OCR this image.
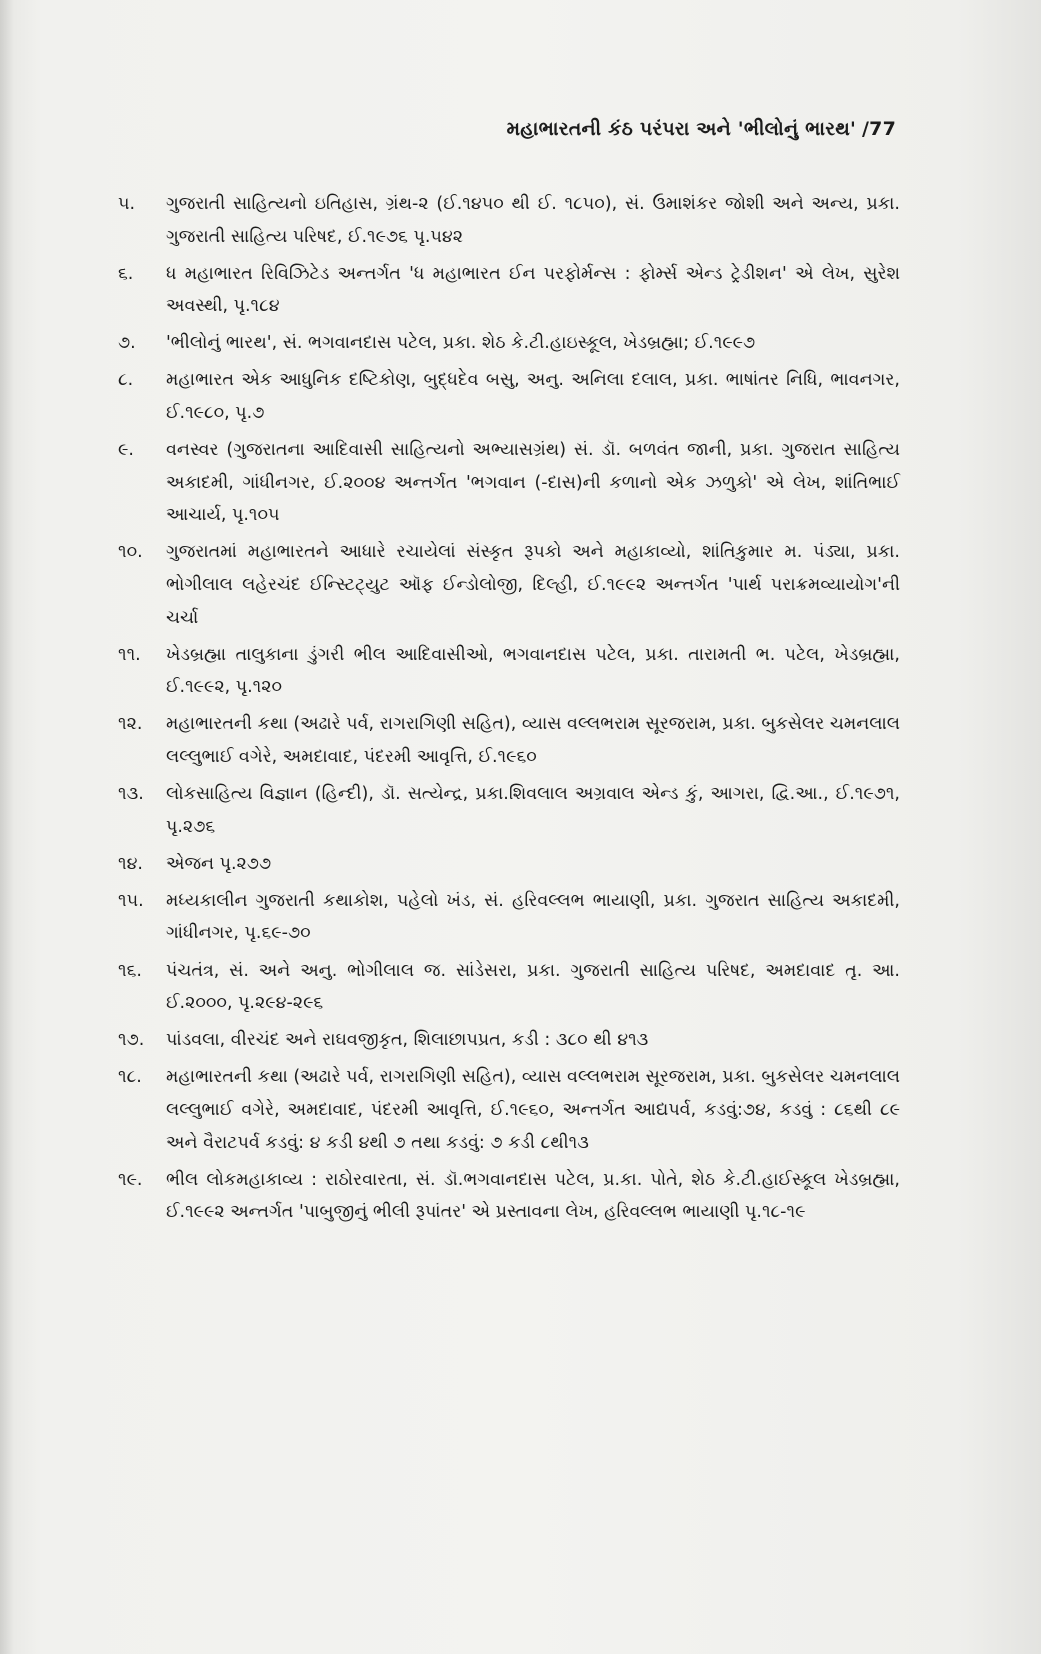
મહાભારતની કંઠ પરંપરા અને 'ભીલોનું ભારથ' /77
૫.	ગુજરાતી સાહિત્યનો ઇતિહાસ, ગ્રંથ-૨ (ઈ.૧૪૫૦ થી ઈ. ૧૮૫૦), સં. ઉમાશંકર જોશી અને અન્ય, પ્રકા. ગુજરાતી સાહિત્ય પરિષદ, ઈ.૧૯૭૬ પૃ.૫૪૨
૬.	ધ મહાભારત રિવિઝિટેડ અન્તર્ગત 'ધ મહાભારત ઈન પરફોર્મન્સ : ફોર્મ્સ એન્ડ ટ્રેડીશન' એ લેખ, સુરેશ અવસ્થી, પૃ.૧૮૪
૭.	'ભીલોનું ભારથ', સં. ભગવાનદાસ પટેલ, પ્રકા. શેઠ કે.ટી.હાઇસ્કૂલ, ખેડબ્રહ્મા; ઈ.૧૯૯૭
૮.	મહાભારત એક આધુનિક દષ્ટિકોણ, બુદ્ધદેવ બસુ, અનુ. અનિલા દલાલ, પ્રકા. ભાષાંતર નિધિ, ભાવનગર, ઈ.૧૯૮૦, પૃ.૭
૯.	વનસ્વર (ગુજરાતના આદિવાસી સાહિત્યનો અભ્યાસગ્રંથ) સં. ડૉ. બળવંત જાની, પ્રકા. ગુજરાત સાહિત્ય અકાદમી, ગાંધીનગર, ઈ.૨૦૦૪ અન્તર્ગત 'ભગવાન (-દાસ)ની કળાનો એક ઝળુકો' એ લેખ, શાંતિભાઈ આચાર્ય, પૃ.૧૦૫
૧૦.	ગુજરાતમાં મહાભારતને આધારે રચાયેલાં સંસ્કૃત રૂપકો અને મહાકાવ્યો, શાંતિકુમાર મ. પંડ્યા, પ્રકા. ભોગીલાલ લહેરચંદ ઈન્સ્ટિટ્યુટ ઑફ ઈન્ડોલોજી, દિલ્હી, ઈ.૧૯૯૨ અન્તર્ગત 'પાર્થ પરાક્રમવ્યાયોગ'ની ચર્ચા
૧૧.	ખેડબ્રહ્મા તાલુકાના ડુંગરી ભીલ આદિવાસીઓ, ભગવાનદાસ પટેલ, પ્રકા. તારામતી ભ. પટેલ, ખેડબ્રહ્મા, ઈ.૧૯૯૨, પૃ.૧૨૦
૧૨.	મહાભારતની કથા (અઢારે પર્વ, રાગરાગિણી સહિત), વ્યાસ વલ્લભરામ સૂરજરામ, પ્રકા. બુકસેલર ચમનલાલ લલ્લુભાઈ વગેરે, અમદાવાદ, પંદરમી આવૃત્તિ, ઈ.૧૯૬૦
૧૩.	લોકસાહિત્ય વિજ્ઞાન (હિન્દી), ડૉ. સત્યેન્દ્ર, પ્રકા.શિવલાલ અગ્રવાલ એન્ડ કું, આગરા, દ્વિ.આ., ઈ.૧૯૭૧, પૃ.૨૭૬
૧૪.	એજન પૃ.૨૭૭
૧૫.	મધ્યકાલીન ગુજરાતી કથાકોશ, પહેલો ખંડ, સં. હરિવલ્લભ ભાયાણી, પ્રકા. ગુજરાત સાહિત્ય અકાદમી, ગાંધીનગર, પૃ.૬૯-૭૦
૧૬.	પંચતંત્ર, સં. અને અનુ. ભોગીલાલ જ. સાંડેસરા, પ્રકા. ગુજરાતી સાહિત્ય પરિષદ, અમદાવાદ તૃ. આ. ઈ.૨૦૦૦, પૃ.૨૯૪-૨૯૬
૧૭.	પાંડવલા, વીરચંદ અને રાઘવજીકૃત, શિલાછાપપ્રત, કડી : ૩૮૦ થી ૪૧૩
૧૮.	મહાભારતની કથા (અઢારે પર્વ, રાગરાગિણી સહિત), વ્યાસ વલ્લભરામ સૂરજરામ, પ્રકા. બુકસેલર ચમનલાલ લલ્લુભાઈ વગેરે, અમદાવાદ, પંદરમી આવૃત્તિ, ઈ.૧૯૬૦, અન્તર્ગત આદ્યપર્વ, કડવું:૭૪, કડવું : ૮૬થી ૮૯ અને વૈરાટપર્વ કડવું: ૪ કડી ૪થી ૭ તથા કડવું: ૭ કડી ૮થી૧૩
૧૯.	ભીલ લોકમહાકાવ્ય : રાઠોરવારતા, સં. ડૉ.ભગવાનદાસ પટેલ, પ્ર.કા. પોતે, શેઠ કે.ટી.હાઈસ્કૂલ ખેડબ્રહ્મા, ઈ.૧૯૯૨ અન્તર્ગત 'પાબુજીનું ભીલી રૂપાંતર' એ પ્રસ્તાવના લેખ, હરિવલ્લભ ભાયાણી પૃ.૧૮-૧૯
